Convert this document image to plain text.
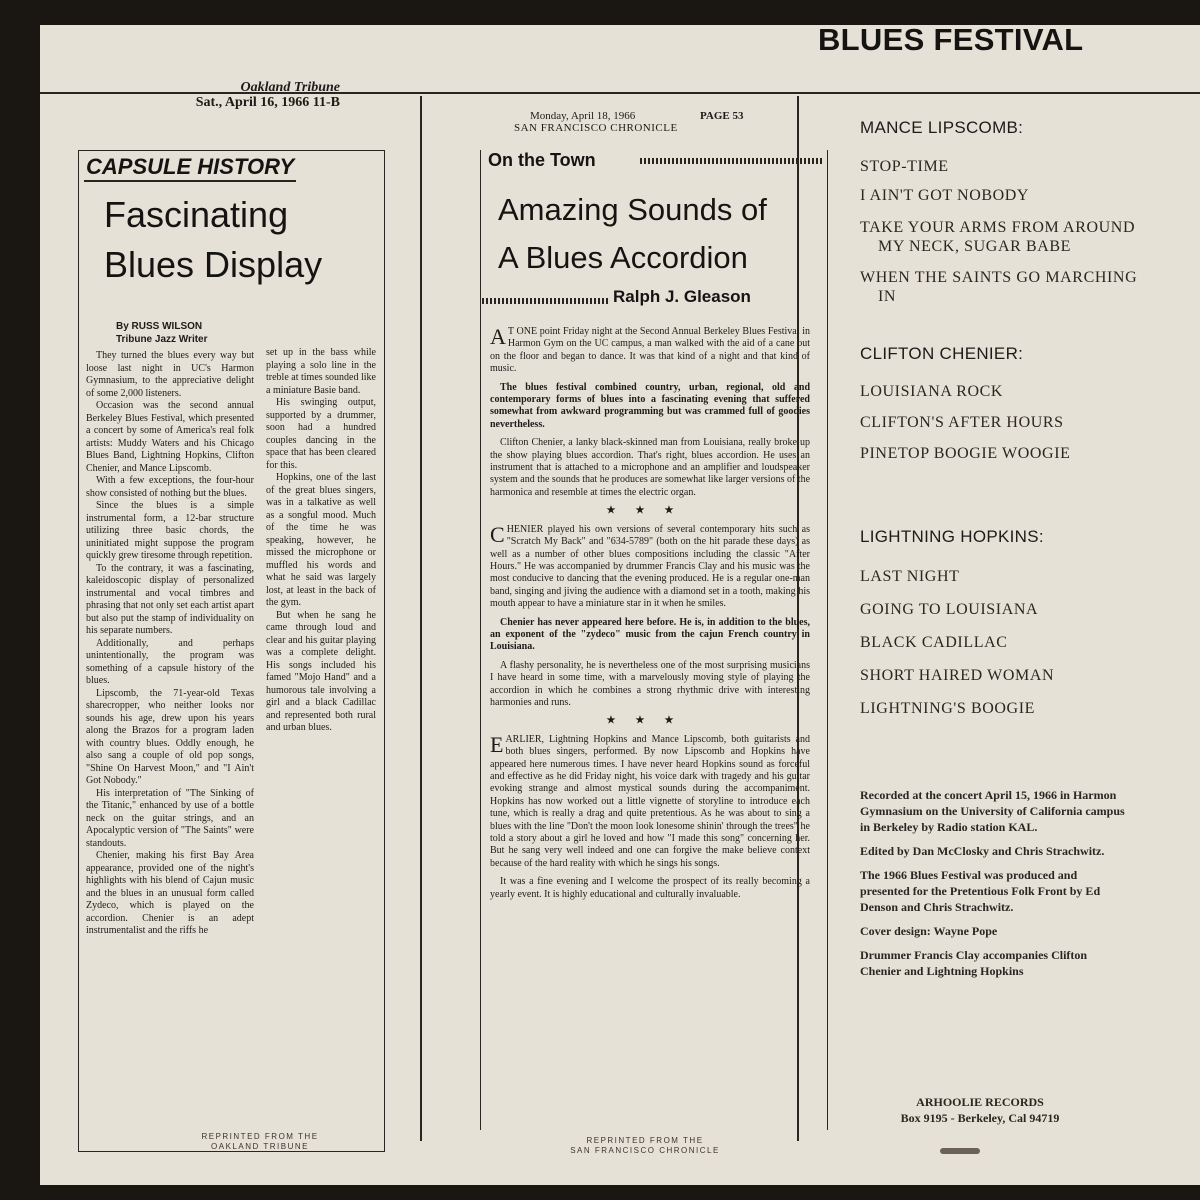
BLUES FESTIVAL
Oakland Tribune
Sat., April 16, 1966 11-B
CAPSULE HISTORY
Fascinating
Blues Display
By RUSS WILSON
Tribune Jazz Writer

They turned the blues every way but loose last night in UC's Harmon Gymnasium, to the appreciative delight of some 2,000 listeners.

Occasion was the second annual Berkeley Blues Festival, which presented a concert by some of America's real folk artists: Muddy Waters and his Chicago Blues Band, Lightning Hopkins, Clifton Chenier, and Mance Lipscomb.

With a few exceptions, the four-hour show consisted of nothing but the blues.

Since the blues is a simple instrumental form, a 12-bar structure utilizing three basic chords, the uninitiated might suppose the program quickly grew tiresome through repetition.

To the contrary, it was a fascinating, kaleidoscopic display of personalized instrumental and vocal timbres and phrasing that not only set each artist apart but also put the stamp of individuality on his separate numbers.

Additionally, and perhaps unintentionally, the program was something of a capsule history of the blues.

Lipscomb, the 71-year-old Texas sharecropper, who neither looks nor sounds his age, drew upon his years along the Brazos for a program laden with country blues. Oddly enough, he also sang a couple of old pop songs, "Shine On Harvest Moon," and "I Ain't Got Nobody."

His interpretation of "The Sinking of the Titanic," enhanced by use of a bottle neck on the guitar strings, and an Apocalyptic version of "The Saints" were standouts.

Chenier, making his first Bay Area appearance, provided one of the night's highlights with his blend of Cajun music and the blues in an unusual form called Zydeco, which is played on the accordion. Chenier is an adept instrumentalist and the riffs he

set up in the bass while playing a solo line in the treble at times sounded like a miniature Basie band.

His swinging output, supported by a drummer, soon had a hundred couples dancing in the space that has been cleared for this.

Hopkins, one of the last of the great blues singers, was in a talkative as well as a songful mood. Much of the time he was speaking, however, he missed the microphone or muffled his words and what he said was largely lost, at least in the back of the gym.

But when he sang he came through loud and clear and his guitar playing was a complete delight. His songs included his famed "Mojo Hand" and a humorous tale involving a girl and a black Cadillac and represented both rural and urban blues.

REPRINTED FROM THE
OAKLAND TRIBUNE
Monday, April 18, 1966	PAGE 53
SAN FRANCISCO CHRONICLE
On the Town
Amazing Sounds of
A Blues Accordion
Ralph J. Gleason

A T ONE point Friday night at the Second Annual Berkeley Blues Festival in Harmon Gym on the UC campus, a man walked with the aid of a cane out on the floor and began to dance. It was that kind of a night and that kind of music.

The blues festival combined country, urban, regional, old and contemporary forms of blues into a fascinating evening that suffered somewhat from awkward programming but was crammed full of goodies nevertheless.

Clifton Chenier, a lanky black-skinned man from Louisiana, really broke up the show playing blues accordion. That's right, blues accordion. He uses an instrument that is attached to a microphone and an amplifier and loudspeaker system and the sounds that he produces are somewhat like larger versions of the harmonica and resemble at times the electric organ.

★★★

CHENIER played his own versions of several contemporary hits such as "Scratch My Back" and "634-5789" (both on the hit parade these days) as well as a number of other blues compositions including the classic "After Hours." He was accompanied by drummer Francis Clay and his music was the most conducive to dancing that the evening produced. He is a regular one-man band, singing and jiving the audience with a diamond set in a tooth, making his mouth appear to have a miniature star in it when he smiles.

Chenier has never appeared here before. He is, in addition to the blues, an exponent of the "zydeco" music from the cajun French country in Louisiana.

A flashy personality, he is nevertheless one of the most surprising musicians I have heard in some time, with a marvelously moving style of playing the accordion in which he combines a strong rhythmic drive with interesting harmonies and runs.

★★★

EARLIER, Lightning Hopkins and Mance Lipscomb, both guitarists and both blues singers, performed. By now Lipscomb and Hopkins have appeared here numerous times. I have never heard Hopkins sound as forceful and effective as he did Friday night, his voice dark with tragedy and his guitar evoking strange and almost mystical sounds during the accompaniment. Hopkins has now worked out a little vignette of storyline to introduce each tune, which is really a drag and quite pretentious. As he was about to sing a blues with the line "Don't the moon look lonesome shinin' through the trees" he told a story about a girl he loved and how "I made this song" concerning her. But he sang very well indeed and one can forgive the make believe context because of the hard reality with which he sings his songs.

It was a fine evening and I welcome the prospect of its really becoming a yearly event. It is highly educational and culturally invaluable.

REPRINTED FROM THE
SAN FRANCISCO CHRONICLE
MANCE LIPSCOMB:
STOP-TIME
I AIN'T GOT NOBODY
TAKE YOUR ARMS FROM AROUND
MY NECK, SUGAR BABE
WHEN THE SAINTS GO MARCHING
IN
CLIFTON CHENIER:
LOUISIANA ROCK
CLIFTON'S AFTER HOURS
PINETOP BOOGIE WOOGIE
LIGHTNING HOPKINS:
LAST NIGHT
GOING TO LOUISIANA
BLACK CADILLAC
SHORT HAIRED WOMAN
LIGHTNING'S BOOGIE

Recorded at the concert April 15, 1966 in Harmon Gymnasium on the University of California campus in Berkeley by Radio station KAL.

Edited by Dan McClosky and Chris Strachwitz.

The 1966 Blues Festival was produced and presented for the Pretentious Folk Front by Ed Denson and Chris Strachwitz.

Cover design: Wayne Pope

Drummer Francis Clay accompanies Clifton Chenier and Lightning Hopkins

ARHOOLIE RECORDS
Box 9195 - Berkeley, Cal 94719
